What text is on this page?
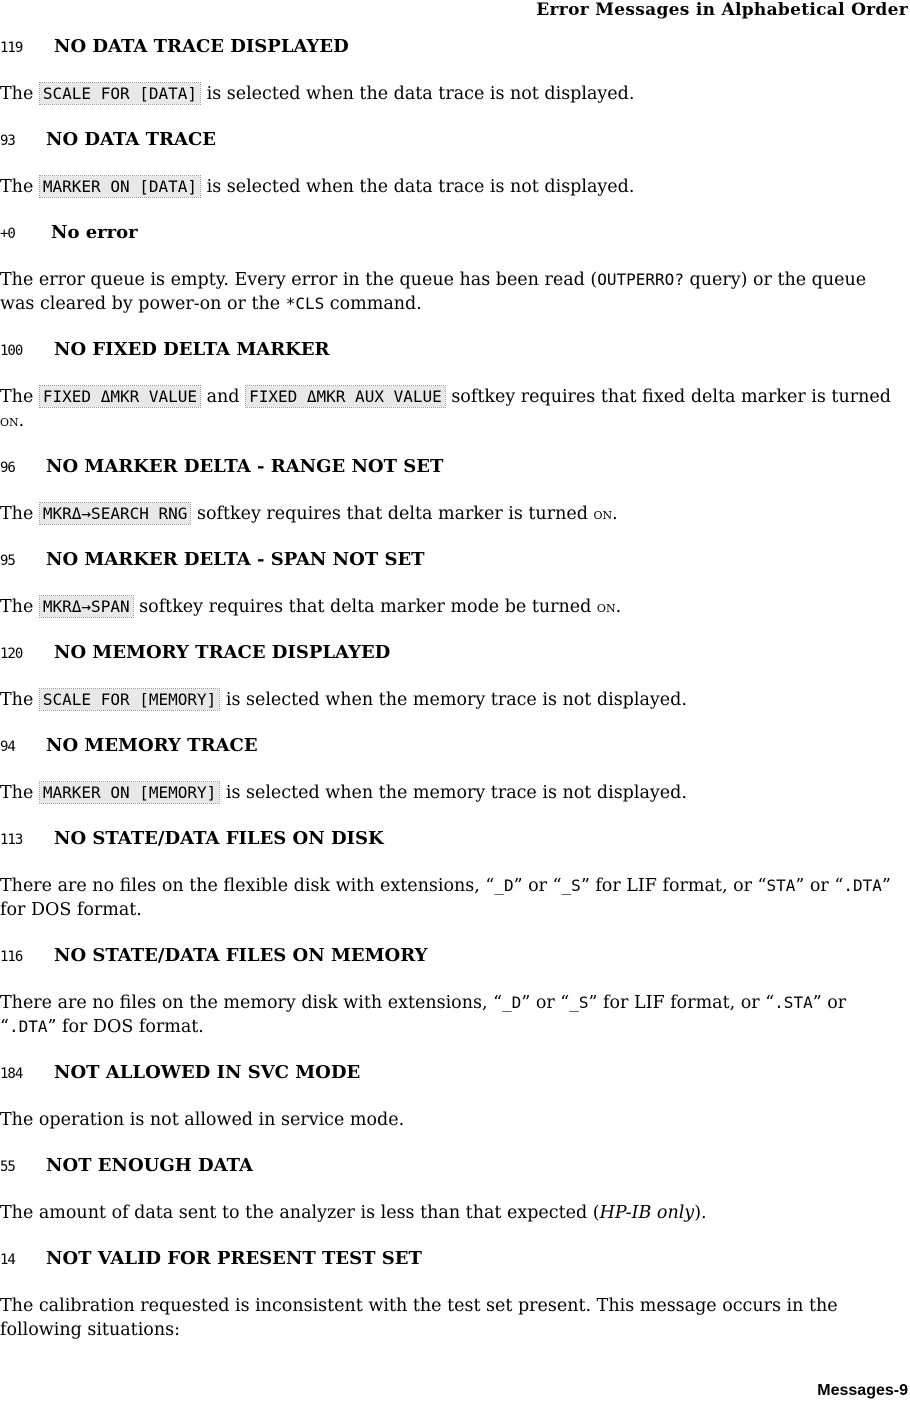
Error Messages in Alphabetical Order
119	NO DATA TRACE DISPLAYED

The SCALE FOR [DATA] is selected when the data trace is not displayed.

93	NO DATA TRACE

The MARKER ON [DATA] is selected when the data trace is not displayed.

+0	No error

The error queue is empty. Every error in the queue has been read (OUTPERRO? query) or the queue was cleared by power-on or the *CLS command.

100	NO FIXED DELTA MARKER

The FIXED ΔMKR VALUE and FIXED ΔMKR AUX VALUE softkey requires that fixed delta marker is turned on.

96	NO MARKER DELTA - RANGE NOT SET

The MKRΔ→SEARCH RNG softkey requires that delta marker is turned on.

95	NO MARKER DELTA - SPAN NOT SET

The MKRΔ→SPAN softkey requires that delta marker mode be turned on.

120	NO MEMORY TRACE DISPLAYED

The SCALE FOR [MEMORY] is selected when the memory trace is not displayed.

94	NO MEMORY TRACE

The MARKER ON [MEMORY] is selected when the memory trace is not displayed.

113	NO STATE/DATA FILES ON DISK

There are no files on the flexible disk with extensions, “_D” or “_S” for LIF format, or “STA” or “.DTA” for DOS format.

116	NO STATE/DATA FILES ON MEMORY

There are no files on the memory disk with extensions, “_D” or “_S” for LIF format, or “.STA” or “.DTA” for DOS format.

184	NOT ALLOWED IN SVC MODE

The operation is not allowed in service mode.

55	NOT ENOUGH DATA

The amount of data sent to the analyzer is less than that expected (HP-IB only).

14	NOT VALID FOR PRESENT TEST SET

The calibration requested is inconsistent with the test set present. This message occurs in the following situations:

Messages-9
